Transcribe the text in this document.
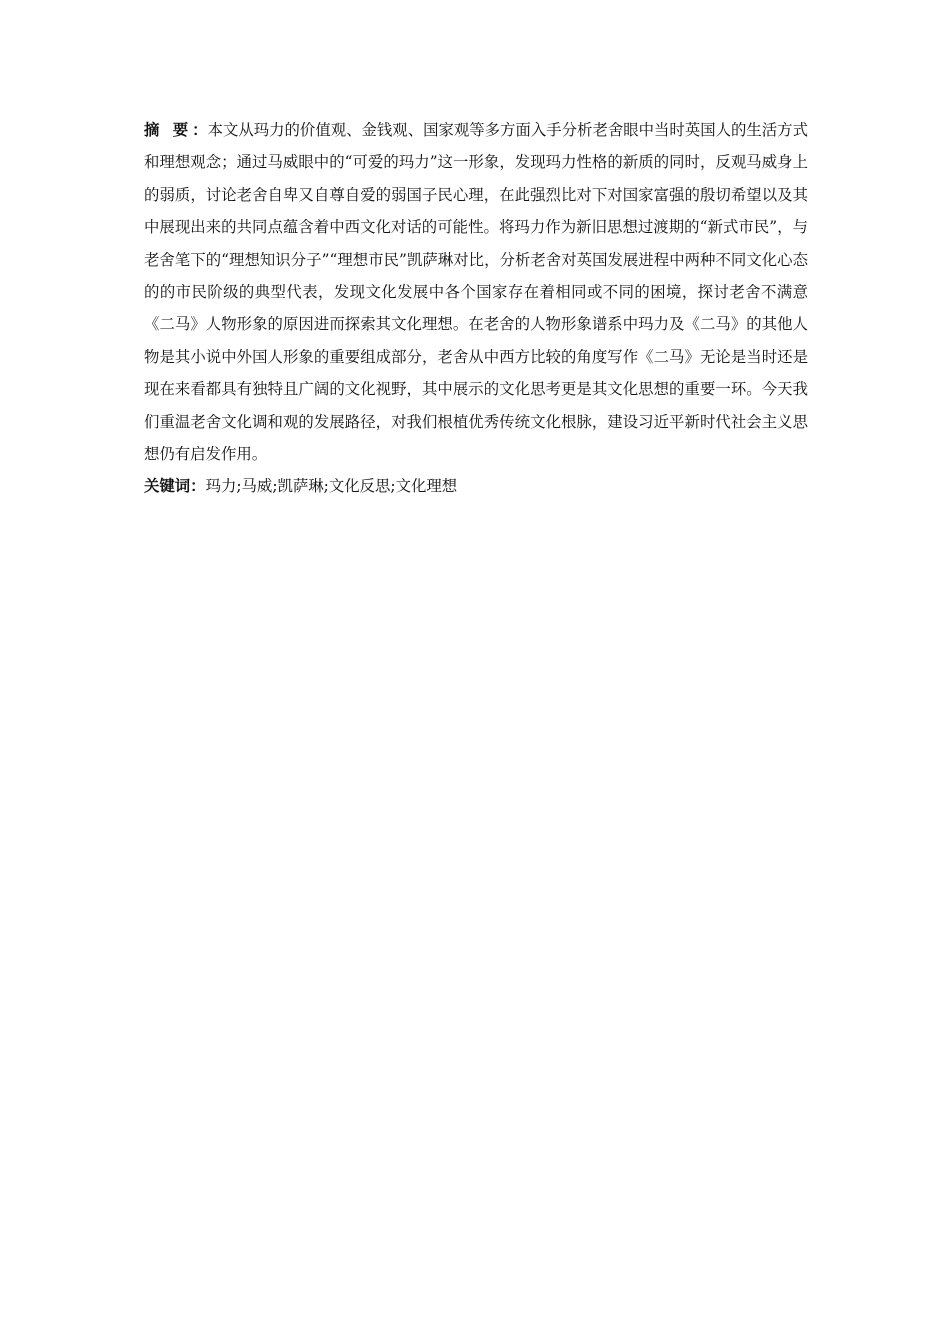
摘 要：本文从玛力的价值观、金钱观、国家观等多方面入手分析老舍眼中当时英国人的生活方式和理想观念；通过马威眼中的“可爱的玛力”这一形象，发现玛力性格的新质的同时，反观马威身上的弱质，讨论老舍自卑又自尊自爱的弱国子民心理，在此强烈比对下对国家富强的殷切希望以及其中展现出来的共同点蕴含着中西文化对话的可能性。将玛力作为新旧思想过渡期的“新式市民”，与老舍笔下的“理想知识分子”“理想市民”凯萨琳对比，分析老舍对英国发展进程中两种不同文化心态的的市民阶级的典型代表，发现文化发展中各个国家存在着相同或不同的困境，探讨老舍不满意《二马》人物形象的原因进而探索其文化理想。在老舍的人物形象谱系中玛力及《二马》的其他人物是其小说中外国人形象的重要组成部分，老舍从中西方比较的角度写作《二马》无论是当时还是现在来看都具有独特且广阔的文化视野，其中展示的文化思考更是其文化思想的重要一环。今天我们重温老舍文化调和观的发展路径，对我们根植优秀传统文化根脉，建设习近平新时代社会主义思想仍有启发作用。

关键词：玛力;马威;凯萨琳;文化反思;文化理想
